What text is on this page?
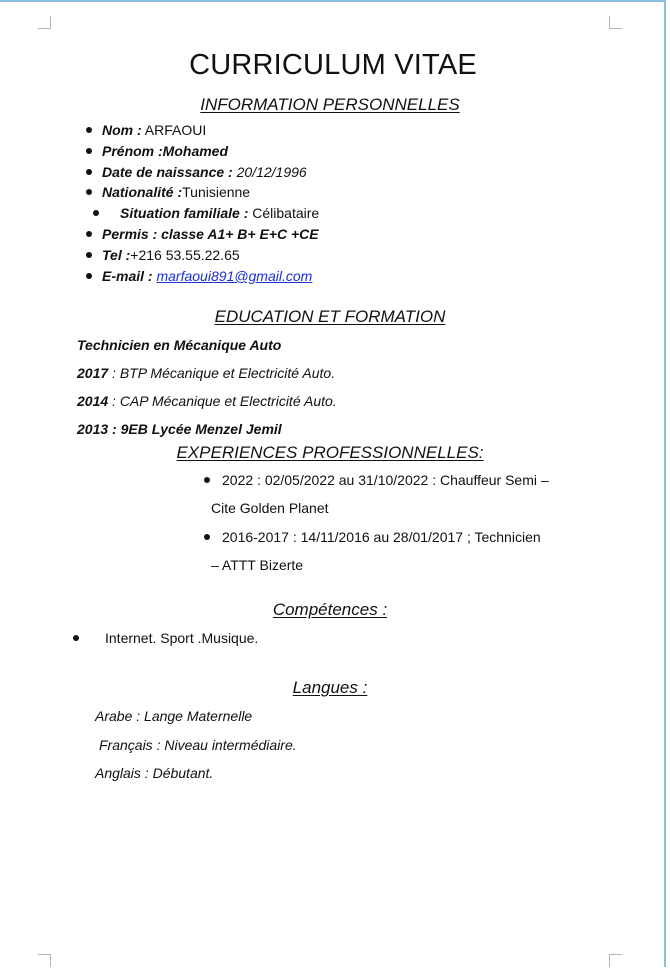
CURRICULUM VITAE
INFORMATION PERSONNELLES
Nom : ARFAOUI
Prénom :Mohamed
Date de naissance : 20/12/1996
Nationalité :Tunisienne
Situation familiale : Célibataire
Permis : classe A1+ B+ E+C +CE
Tel :+216 53.55.22.65
E-mail : marfaoui891@gmail.com
EDUCATION ET FORMATION
Technicien en Mécanique Auto
2017 : BTP Mécanique et Electricité Auto.
2014 : CAP Mécanique et Electricité Auto.
2013 : 9EB Lycée Menzel Jemil
EXPERIENCES PROFESSIONNELLES:
2022 : 02/05/2022 au 31/10/2022 : Chauffeur Semi –
Cite Golden Planet
2016-2017 : 14/11/2016 au 28/01/2017 ; Technicien
– ATTT Bizerte
Compétences :
Internet. Sport .Musique.
Langues :
Arabe : Lange Maternelle
Français : Niveau intermédiaire.
Anglais : Débutant.
